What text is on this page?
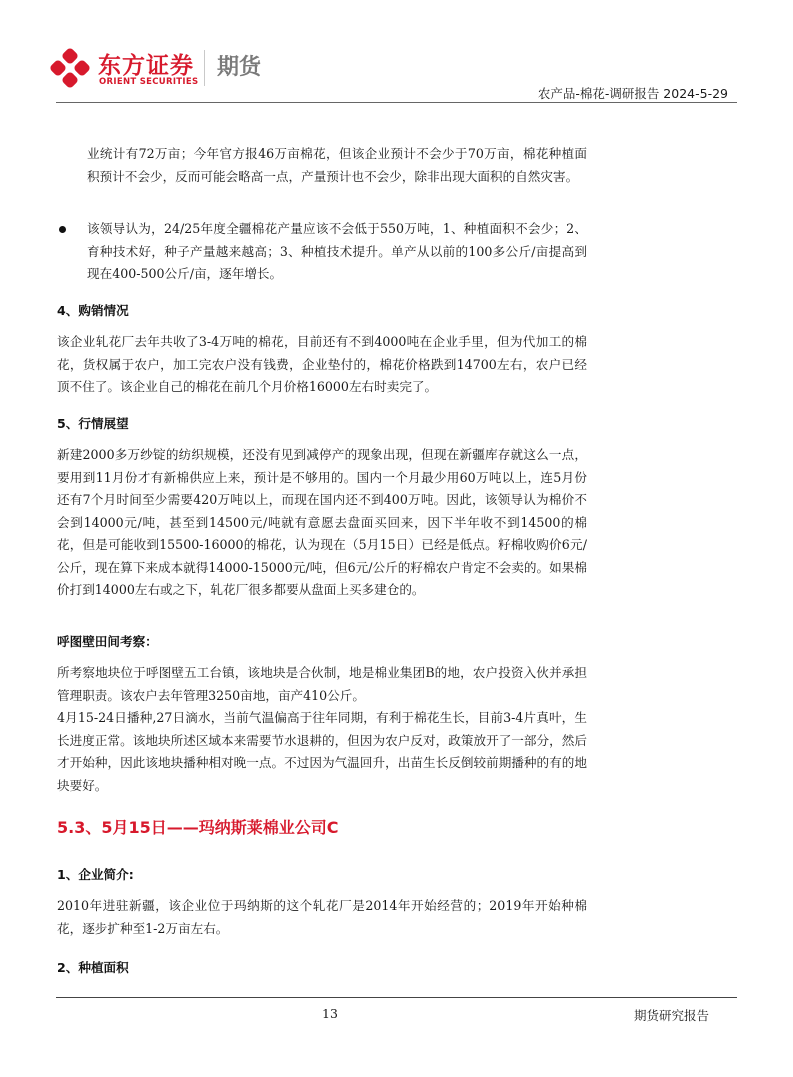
东方证券
ORIENT SECURITIES
期货
农产品-棉花-调研报告 2024-5-29

业统计有72万亩；今年官方报46万亩棉花，但该企业预计不会少于70万亩，棉花种植面积预计不会少，反而可能会略高一点，产量预计也不会少，除非出现大面积的自然灾害。

该领导认为，24/25年度全疆棉花产量应该不会低于550万吨，1、种植面积不会少；2、育种技术好，种子产量越来越高；3、种植技术提升。单产从以前的100多公斤/亩提高到现在400-500公斤/亩，逐年增长。

4、购销情况

该企业轧花厂去年共收了3-4万吨的棉花，目前还有不到4000吨在企业手里，但为代加工的棉花，货权属于农户，加工完农户没有钱费，企业垫付的，棉花价格跌到14700左右，农户已经顶不住了。该企业自己的棉花在前几个月价格16000左右时卖完了。

5、行情展望

新建2000多万纱锭的纺织规模，还没有见到减停产的现象出现，但现在新疆库存就这么一点，要用到11月份才有新棉供应上来，预计是不够用的。国内一个月最少用60万吨以上，连5月份还有7个月时间至少需要420万吨以上，而现在国内还不到400万吨。因此，该领导认为棉价不会到14000元/吨，甚至到14500元/吨就有意愿去盘面买回来，因下半年收不到14500的棉花，但是可能收到15500-16000的棉花，认为现在（5月15日）已经是低点。籽棉收购价6元/公斤，现在算下来成本就得14000-15000元/吨，但6元/公斤的籽棉农户肯定不会卖的。如果棉价打到14000左右或之下，轧花厂很多都要从盘面上买多建仓的。

呼图壁田间考察：

所考察地块位于呼图壁五工台镇，该地块是合伙制，地是棉业集团B的地，农户投资入伙并承担管理职责。该农户去年管理3250亩地，亩产410公斤。

4月15-24日播种,27日滴水，当前气温偏高于往年同期，有利于棉花生长，目前3-4片真叶，生长进度正常。该地块所述区域本来需要节水退耕的，但因为农户反对，政策放开了一部分，然后才开始种，因此该地块播种相对晚一点。不过因为气温回升，出苗生长反倒较前期播种的有的地块要好。

5.3、5月15日——玛纳斯莱棉业公司C
1、企业简介:

2010年进驻新疆，该企业位于玛纳斯的这个轧花厂是2014年开始经营的；2019年开始种棉花，逐步扩种至1-2万亩左右。

2、种植面积
13	期货研究报告
